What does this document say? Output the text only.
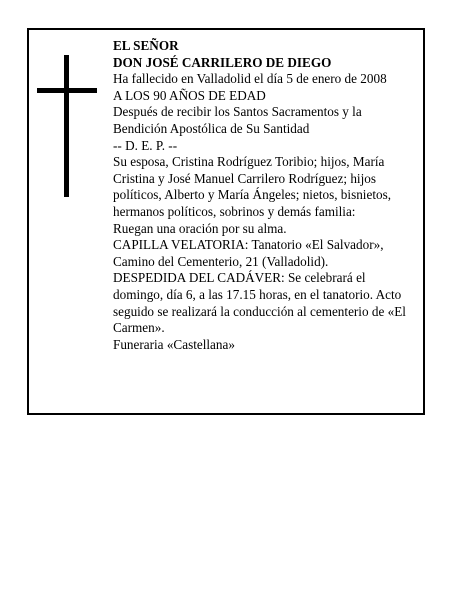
EL SEÑOR

DON JOSÉ CARRILERO DE DIEGO

Ha fallecido en Valladolid el día 5 de enero de 2008

A LOS 90 AÑOS DE EDAD

Después de recibir los Santos Sacramentos y la Bendición Apostólica de Su Santidad

-- D. E. P. --

Su esposa, Cristina Rodríguez Toribio; hijos, María Cristina y José Manuel Carrilero Rodríguez; hijos políticos, Alberto y María Ángeles; nietos, bisnietos, hermanos políticos, sobrinos y demás familia:

Ruegan una oración por su alma.

CAPILLA VELATORIA: Tanatorio «El Salvador», Camino del Cementerio, 21 (Valladolid).

DESPEDIDA DEL CADÁVER: Se celebrará el domingo, día 6, a las 17.15 horas, en el tanatorio. Acto seguido se realizará la conducción al cementerio de «El Carmen».

Funeraria «Castellana»
